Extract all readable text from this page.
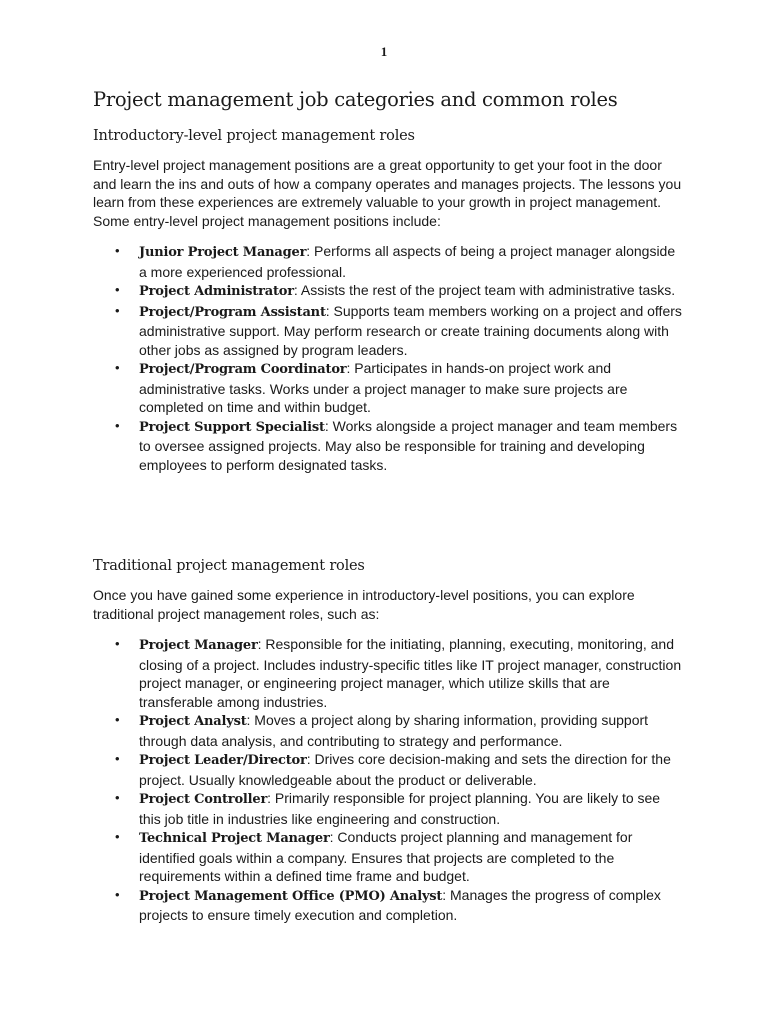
1
Project management job categories and common roles
Introductory-level project management roles

Entry-level project management positions are a great opportunity to get your foot in the door and learn the ins and outs of how a company operates and manages projects. The lessons you learn from these experiences are extremely valuable to your growth in project management. Some entry-level project management positions include:

• Junior Project Manager: Performs all aspects of being a project manager alongside a more experienced professional.
• Project Administrator: Assists the rest of the project team with administrative tasks.
• Project/Program Assistant: Supports team members working on a project and offers administrative support. May perform research or create training documents along with other jobs as assigned by program leaders.
• Project/Program Coordinator: Participates in hands-on project work and administrative tasks. Works under a project manager to make sure projects are completed on time and within budget.
• Project Support Specialist: Works alongside a project manager and team members to oversee assigned projects. May also be responsible for training and developing employees to perform designated tasks.
Traditional project management roles

Once you have gained some experience in introductory-level positions, you can explore traditional project management roles, such as:

• Project Manager: Responsible for the initiating, planning, executing, monitoring, and closing of a project. Includes industry-specific titles like IT project manager, construction project manager, or engineering project manager, which utilize skills that are transferable among industries.
• Project Analyst: Moves a project along by sharing information, providing support through data analysis, and contributing to strategy and performance.
• Project Leader/Director: Drives core decision-making and sets the direction for the project. Usually knowledgeable about the product or deliverable.
• Project Controller: Primarily responsible for project planning. You are likely to see this job title in industries like engineering and construction.
• Technical Project Manager: Conducts project planning and management for identified goals within a company. Ensures that projects are completed to the requirements within a defined time frame and budget.
• Project Management Office (PMO) Analyst: Manages the progress of complex projects to ensure timely execution and completion.
